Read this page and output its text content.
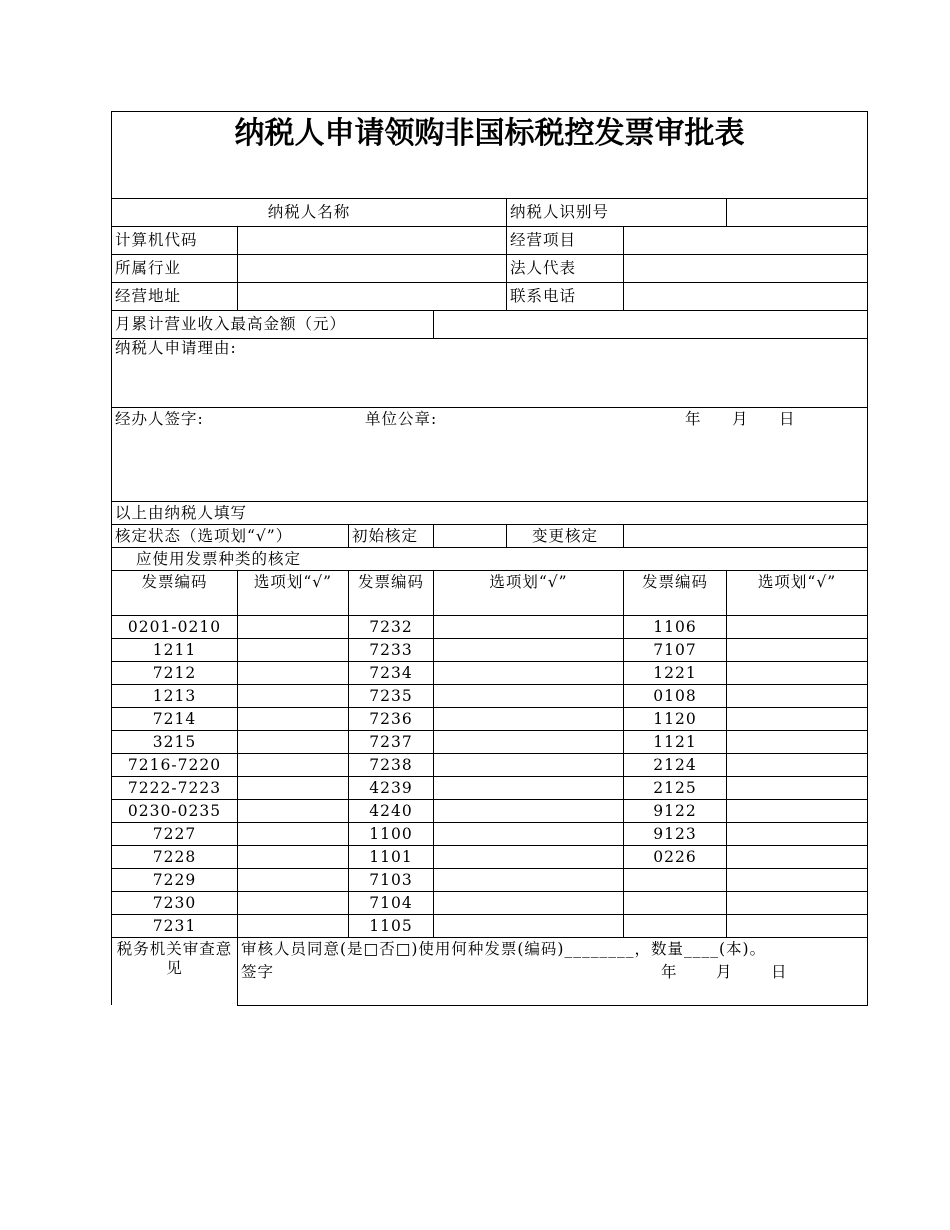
纳税人申请领购非国标税控发票审批表						
纳税人名称				纳税人识别号		
计算机代码				经营项目		
所属行业				法人代表		
经营地址				联系电话		
月累计营业收入最高金额（元）						
纳税人申请理由:						

经办人签字: 单位公章: 年 月 日						

以上由纳税人填写						
核定状态（选项划“√”）		初始核定		变更核定		
应使用发票种类的核定						
发票编码	选项划“√”	发票编码	选项划“√”		发票编码	选项划“√”
0201-0210		7232			1106	
1211		7233			7107	
7212		7234			1221	
1213		7235			0108	
7214		7236			1120	
3215		7237			1121	
7216-7220		7238			2124	
7222-7223		4239			2125	
0230-0235		4240			9122	
7227		1100			9123	
7228		1101			0226	
7229		7103				
7230		7104				
7231		1105				
税务机关审查意见	审核人员同意(是□否□)使用何种发票(编码)________，数量____(本)。					

	签字 年 月 日					
